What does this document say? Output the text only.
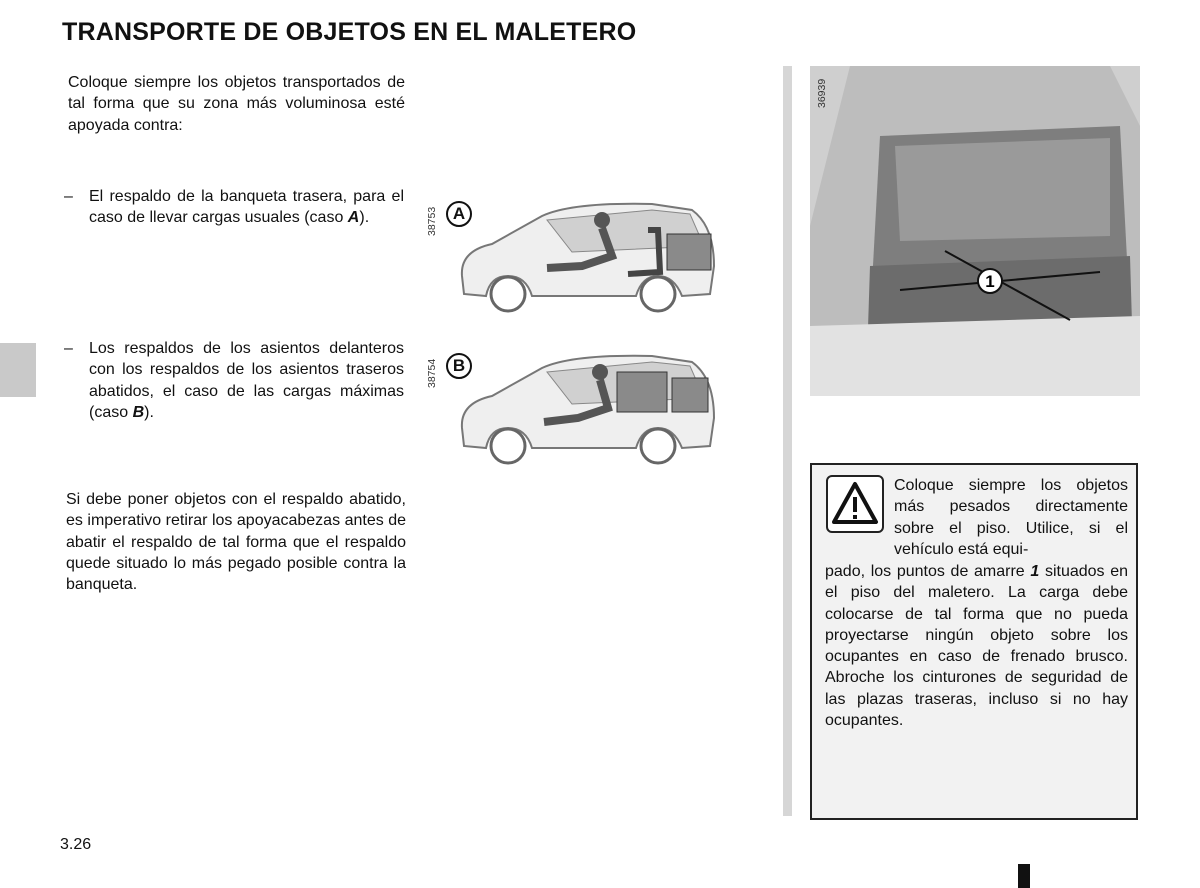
TRANSPORTE DE OBJETOS EN EL MALETERO
Coloque siempre los objetos transportados de tal forma que su zona más voluminosa esté apoyada contra:
– El respaldo de la banqueta trasera, para el caso de llevar cargas usuales (caso A).
– Los respaldos de los asientos delanteros con los respaldos de los asientos traseros abatidos, el caso de las cargas máximas (caso B).
Si debe poner objetos con el respaldo abatido, es imperativo retirar los apoyacabezas antes de abatir el respaldo de tal forma que el respaldo quede situado lo más pegado posible contra la banqueta.
38753 A
38754 B
1
36939
Coloque siempre los objetos más pesados directamente sobre el piso. Utilice, si el vehículo está equi-
pado, los puntos de amarre 1 situados en el piso del maletero. La carga debe colocarse de tal forma que no pueda proyectarse ningún objeto sobre los ocupantes en caso de frenado brusco. Abroche los cinturones de seguridad de las plazas traseras, incluso si no hay ocupantes.
3.26
